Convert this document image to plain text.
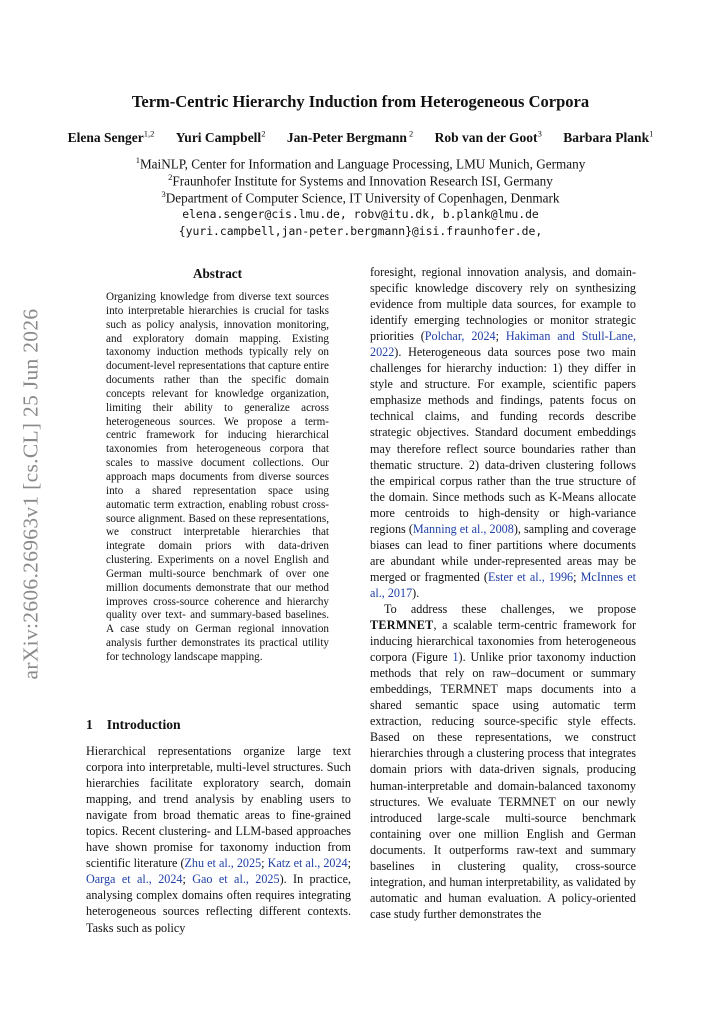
arXiv:2606.26963v1 [cs.CL] 25 Jun 2026
Term-Centric Hierarchy Induction from Heterogeneous Corpora
Elena Senger$^{1,2}$ Yuri Campbell$^2$ Jan-Peter Bergmann $^2$ Rob van der Goot$^3$ Barbara Plank$^1$
$^1$MaiNLP, Center for Information and Language Processing, LMU Munich, Germany
$^2$Fraunhofer Institute for Systems and Innovation Research ISI, Germany
$^3$Department of Computer Science, IT University of Copenhagen, Denmark
elena.senger@cis.lmu.de, robv@itu.dk, b.plank@lmu.de
{yuri.campbell,jan-peter.bergmann}@isi.fraunhofer.de,
Abstract
Organizing knowledge from diverse text sources into interpretable hierarchies is crucial for tasks such as policy analysis, innovation monitoring, and exploratory domain mapping. Existing taxonomy induction methods typically rely on document-level representations that capture entire documents rather than the specific domain concepts relevant for knowledge organization, limiting their ability to generalize across heterogeneous sources. We propose a term-centric framework for inducing hierarchical taxonomies from heterogeneous corpora that scales to massive document collections. Our approach maps documents from diverse sources into a shared representation space using automatic term extraction, enabling robust cross-source alignment. Based on these representations, we construct interpretable hierarchies that integrate domain priors with data-driven clustering. Experiments on a novel English and German multi-source benchmark of over one million documents demonstrate that our method improves cross-source coherence and hierarchy quality over text- and summary-based baselines. A case study on German regional innovation analysis further demonstrates its practical utility for technology landscape mapping.
1 Introduction
Hierarchical representations organize large text corpora into interpretable, multi-level structures. Such hierarchies facilitate exploratory search, domain mapping, and trend analysis by enabling users to navigate from broad thematic areas to fine-grained topics. Recent clustering- and LLM-based approaches have shown promise for taxonomy induction from scientific literature (Zhu et al., 2025; Katz et al., 2024; Oarga et al., 2024; Gao et al., 2025). In practice, analysing complex domains often requires integrating heterogeneous sources reflecting different contexts. Tasks such as policy

foresight, regional innovation analysis, and domain-specific knowledge discovery rely on synthesizing evidence from multiple data sources, for example to identify emerging technologies or monitor strategic priorities (Polchar, 2024; Hakiman and Stull-Lane, 2022). Heterogeneous data sources pose two main challenges for hierarchy induction: 1) they differ in style and structure. For example, scientific papers emphasize methods and findings, patents focus on technical claims, and funding records describe strategic objectives. Standard document embeddings may therefore reflect source boundaries rather than thematic structure. 2) data-driven clustering follows the empirical corpus rather than the true structure of the domain. Since methods such as K-Means allocate more centroids to high-density or high-variance regions (Manning et al., 2008), sampling and coverage biases can lead to finer partitions where documents are abundant while under-represented areas may be merged or fragmented (Ester et al., 1996; McInnes et al., 2017).

To address these challenges, we propose TERMNET, a scalable term-centric framework for inducing hierarchical taxonomies from heterogeneous corpora (Figure 1). Unlike prior taxonomy induction methods that rely on raw–document or summary embeddings, TERMNET maps documents into a shared semantic space using automatic term extraction, reducing source-specific style effects. Based on these representations, we construct hierarchies through a clustering process that integrates domain priors with data-driven signals, producing human-interpretable and domain-balanced taxonomy structures. We evaluate TERMNET on our newly introduced large-scale multi-source benchmark containing over one million English and German documents. It outperforms raw-text and summary baselines in clustering quality, cross-source integration, and human interpretability, as validated by automatic and human evaluation. A policy-oriented case study further demonstrates the
